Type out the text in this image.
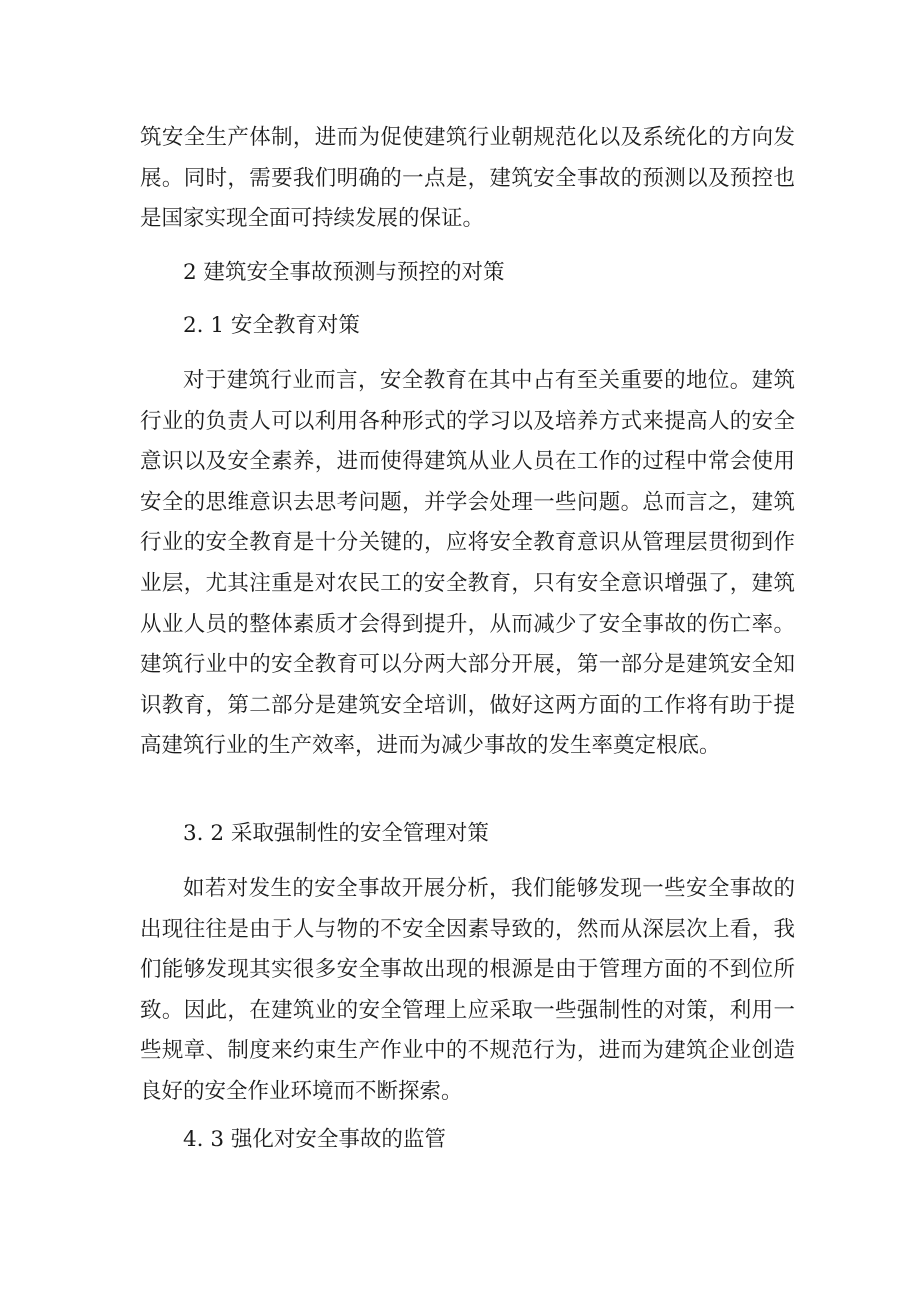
筑安全生产体制，进而为促使建筑行业朝规范化以及系统化的方向发展。同时，需要我们明确的一点是，建筑安全事故的预测以及预控也是国家实现全面可持续发展的保证。

2 建筑安全事故预测与预控的对策

2. 1 安全教育对策

对于建筑行业而言，安全教育在其中占有至关重要的地位。建筑行业的负责人可以利用各种形式的学习以及培养方式来提高人的安全意识以及安全素养，进而使得建筑从业人员在工作的过程中常会使用安全的思维意识去思考问题，并学会处理一些问题。总而言之，建筑行业的安全教育是十分关键的，应将安全教育意识从管理层贯彻到作业层，尤其注重是对农民工的安全教育，只有安全意识增强了，建筑从业人员的整体素质才会得到提升，从而减少了安全事故的伤亡率。建筑行业中的安全教育可以分两大部分开展，第一部分是建筑安全知识教育，第二部分是建筑安全培训，做好这两方面的工作将有助于提高建筑行业的生产效率，进而为减少事故的发生率奠定根底。

3. 2 采取强制性的安全管理对策

如若对发生的安全事故开展分析，我们能够发现一些安全事故的出现往往是由于人与物的不安全因素导致的，然而从深层次上看，我们能够发现其实很多安全事故出现的根源是由于管理方面的不到位所致。因此，在建筑业的安全管理上应采取一些强制性的对策，利用一些规章、制度来约束生产作业中的不规范行为，进而为建筑企业创造良好的安全作业环境而不断探索。

4. 3 强化对安全事故的监管
